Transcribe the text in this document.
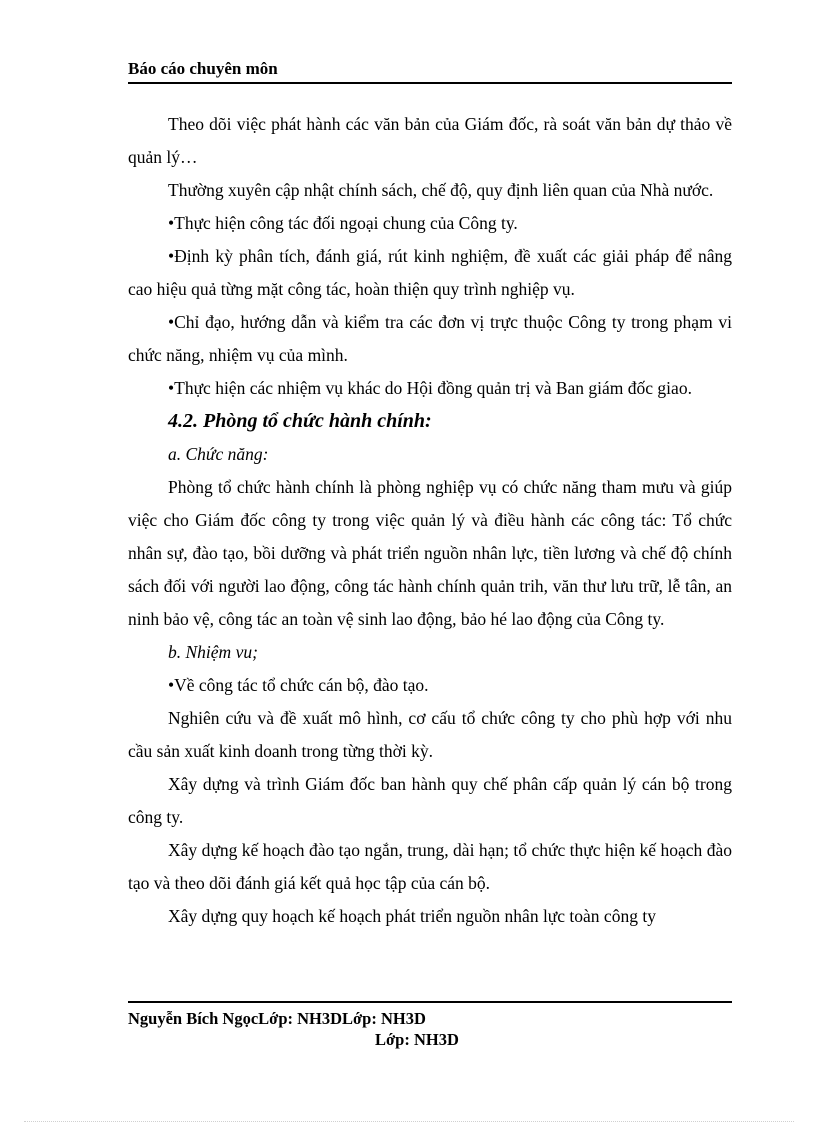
Báo cáo chuyên môn

Theo dõi việc phát hành các văn bản của Giám đốc, rà soát văn bản dự thảo về quản lý…

Thường xuyên cập nhật chính sách, chế độ, quy định liên quan của Nhà nước.

•Thực hiện công tác đối ngoại chung của Công ty.

•Định kỳ phân tích, đánh giá, rút kinh nghiệm, đề xuất các giải pháp để nâng cao hiệu quả từng mặt công tác, hoàn thiện quy trình nghiệp vụ.

•Chỉ đạo, hướng dẫn và kiểm tra các đơn vị trực thuộc Công ty trong phạm vi chức năng, nhiệm vụ của mình.

•Thực hiện các nhiệm vụ khác do Hội đồng quản trị và Ban giám đốc giao.

4.2. Phòng tổ chức hành chính:

a. Chức năng:

Phòng tổ chức hành chính là phòng nghiệp vụ có chức năng tham mưu và giúp việc cho Giám đốc công ty trong việc quản lý và điều hành các công tác: Tổ chức nhân sự, đào tạo, bồi dưỡng và phát triển nguồn nhân lực, tiền lương và chế độ chính sách đối với người lao động, công tác hành chính quản trih, văn thư lưu trữ, lễ tân, an ninh bảo vệ, công tác an toàn vệ sinh lao động, bảo hé lao động của Công ty.

b. Nhiệm vu;

•Về công tác tổ chức cán bộ, đào tạo.

Nghiên cứu và đề xuất mô hình, cơ cấu tổ chức công ty cho phù hợp với nhu cầu sản xuất kinh doanh trong từng thời kỳ.

Xây dựng và trình Giám đốc ban hành quy chế phân cấp quản lý cán bộ trong công ty.

Xây dựng kế hoạch đào tạo ngắn, trung, dài hạn; tổ chức thực hiện kế hoạch đào tạo và theo dõi đánh giá kết quả học tập của cán bộ.

Xây dựng quy hoạch kế hoạch phát triển nguồn nhân lực toàn công ty

Nguyễn Bích NgọcLớp: NH3DLớp: NH3D
Lớp: NH3D
